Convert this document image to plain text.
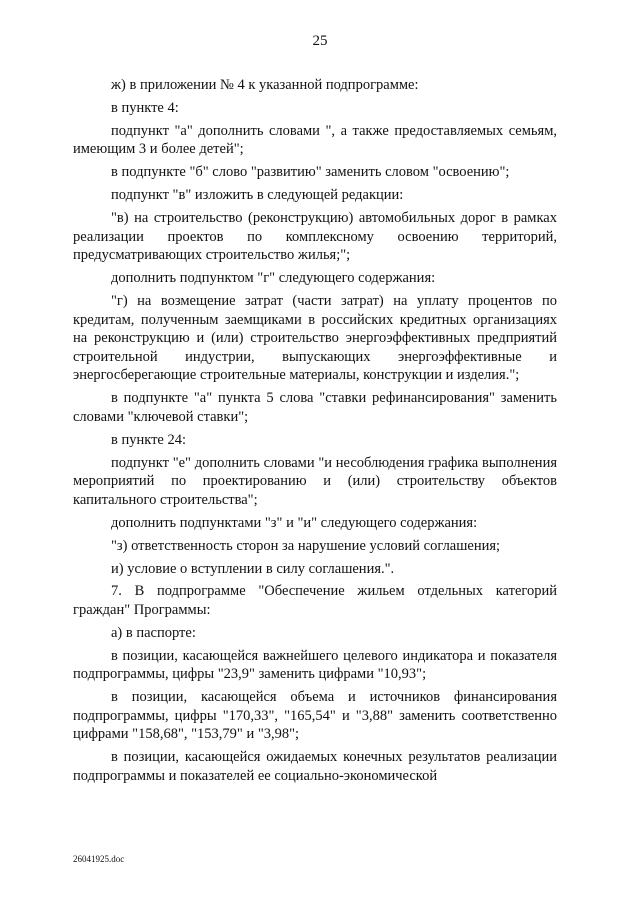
25

ж) в приложении № 4 к указанной подпрограмме:

в пункте 4:

подпункт "а" дополнить словами ", а также предоставляемых семьям, имеющим 3 и более детей";

в подпункте "б" слово "развитию" заменить словом "освоению";

подпункт "в" изложить в следующей редакции:

"в) на строительство (реконструкцию) автомобильных дорог в рамках реализации проектов по комплексному освоению территорий, предусматривающих строительство жилья;";

дополнить подпунктом "г" следующего содержания:

"г) на возмещение затрат (части затрат) на уплату процентов по кредитам, полученным заемщиками в российских кредитных организациях на реконструкцию и (или) строительство энергоэффективных предприятий строительной индустрии, выпускающих энергоэффективные и энергосберегающие строительные материалы, конструкции и изделия.";

в подпункте "а" пункта 5 слова "ставки рефинансирования" заменить словами "ключевой ставки";

в пункте 24:

подпункт "е" дополнить словами "и несоблюдения графика выполнения мероприятий по проектированию и (или) строительству объектов капитального строительства";

дополнить подпунктами "з" и "и" следующего содержания:

"з) ответственность сторон за нарушение условий соглашения;

и) условие о вступлении в силу соглашения.".

7. В подпрограмме "Обеспечение жильем отдельных категорий граждан" Программы:

а) в паспорте:

в позиции, касающейся важнейшего целевого индикатора и показателя подпрограммы, цифры "23,9" заменить цифрами "10,93";

в позиции, касающейся объема и источников финансирования подпрограммы, цифры "170,33", "165,54" и "3,88" заменить соответственно цифрами "158,68", "153,79" и "3,98";

в позиции, касающейся ожидаемых конечных результатов реализации подпрограммы и показателей ее социально-экономической

26041925.doc
